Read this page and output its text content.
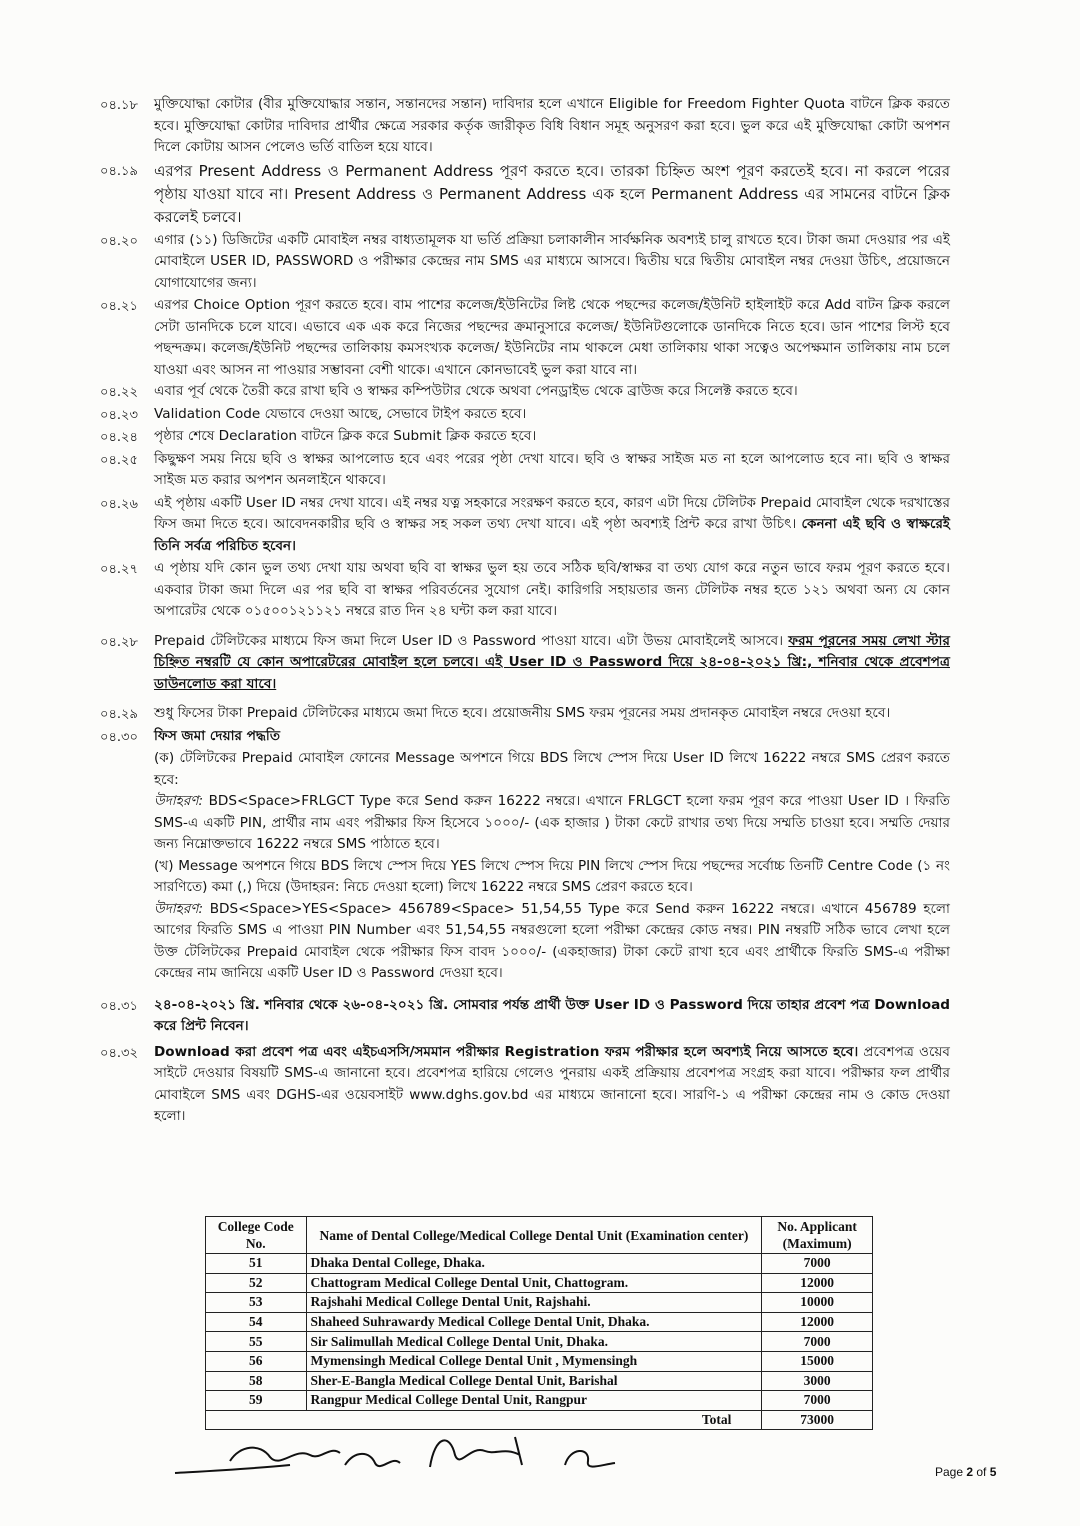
০৪.১৮	মুক্তিযোদ্ধা কোটার (বীর মুক্তিযোদ্ধার সন্তান, সন্তানদের সন্তান) দাবিদার হলে এখানে Eligible for Freedom Fighter Quota বাটনে ক্লিক করতে হবে। মুক্তিযোদ্ধা কোটার দাবিদার প্রার্থীর ক্ষেত্রে সরকার কর্তৃক জারীকৃত বিধি বিধান সমূহ অনুসরণ করা হবে। ভুল করে এই মুক্তিযোদ্ধা কোটা অপশন দিলে কোটায় আসন পেলেও ভর্তি বাতিল হয়ে যাবে।
০৪.১৯	এরপর Present Address ও Permanent Address পূরণ করতে হবে। তারকা চিহ্নিত অংশ পূরণ করতেই হবে। না করলে পরের পৃষ্ঠায় যাওয়া যাবে না। Present Address ও Permanent Address এক হলে Permanent Address এর সামনের বাটনে ক্লিক করলেই চলবে।
০৪.২০	এগার (১১) ডিজিটের একটি মোবাইল নম্বর বাধ্যতামূলক যা ভর্তি প্রক্রিয়া চলাকালীন সার্বক্ষনিক অবশ্যই চালু রাখতে হবে। টাকা জমা দেওয়ার পর এই মোবাইলে USER ID, PASSWORD ও পরীক্ষার কেন্দ্রের নাম SMS এর মাধ্যমে আসবে। দ্বিতীয় ঘরে দ্বিতীয় মোবাইল নম্বর দেওয়া উচিৎ, প্রয়োজনে যোগাযোগের জন্য।
০৪.২১	এরপর Choice Option পূরণ করতে হবে। বাম পাশের কলেজ/ইউনিটের লিষ্ট থেকে পছন্দের কলেজ/ইউনিট হাইলাইট করে Add বাটন ক্লিক করলে সেটা ডানদিকে চলে যাবে। এভাবে এক এক করে নিজের পছন্দের ক্রমানুসারে কলেজ/ ইউনিটগুলোকে ডানদিকে নিতে হবে। ডান পাশের লিস্ট হবে পছন্দক্রম। কলেজ/ইউনিট পছন্দের তালিকায় কমসংখ্যক কলেজ/ ইউনিটের নাম থাকলে মেধা তালিকায় থাকা সত্বেও অপেক্ষমান তালিকায় নাম চলে যাওয়া এবং আসন না পাওয়ার সম্ভাবনা বেশী থাকে। এখানে কোনভাবেই ভুল করা যাবে না।
০৪.২২	এবার পূর্ব থেকে তৈরী করে রাখা ছবি ও স্বাক্ষর কম্পিউটার থেকে অথবা পেনড্রাইভ থেকে ব্রাউজ করে সিলেক্ট করতে হবে।
০৪.২৩	Validation Code যেভাবে দেওয়া আছে, সেভাবে টাইপ করতে হবে।
০৪.২৪	পৃষ্ঠার শেষে Declaration বাটনে ক্লিক করে Submit ক্লিক করতে হবে।
০৪.২৫	কিছুক্ষণ সময় নিয়ে ছবি ও স্বাক্ষর আপলোড হবে এবং পরের পৃষ্ঠা দেখা যাবে। ছবি ও স্বাক্ষর সাইজ মত না হলে আপলোড হবে না। ছবি ও স্বাক্ষর সাইজ মত করার অপশন অনলাইনে থাকবে।
০৪.২৬	এই পৃষ্ঠায় একটি User ID নম্বর দেখা যাবে। এই নম্বর যত্ন সহকারে সংরক্ষণ করতে হবে, কারণ এটা দিয়ে টেলিটক Prepaid মোবাইল থেকে দরখাস্তের ফিস জমা দিতে হবে। আবেদনকারীর ছবি ও স্বাক্ষর সহ সকল তথ্য দেখা যাবে। এই পৃষ্ঠা অবশ্যই প্রিন্ট করে রাখা উচিৎ। কেননা এই ছবি ও স্বাক্ষরেই তিনি সর্বত্র পরিচিত হবেন।
০৪.২৭	এ পৃষ্ঠায় যদি কোন ভুল তথ্য দেখা যায় অথবা ছবি বা স্বাক্ষর ভুল হয় তবে সঠিক ছবি/স্বাক্ষর বা তথ্য যোগ করে নতুন ভাবে ফরম পূরণ করতে হবে। একবার টাকা জমা দিলে এর পর ছবি বা স্বাক্ষর পরিবর্তনের সুযোগ নেই। কারিগরি সহায়তার জন্য টেলিটক নম্বর হতে ১২১ অথবা অন্য যে কোন অপারেটর থেকে ০১৫০০১২১১২১ নম্বরে রাত দিন ২৪ ঘন্টা কল করা যাবে।
০৪.২৮	Prepaid টেলিটকের মাধ্যমে ফিস জমা দিলে User ID ও Password পাওয়া যাবে। এটা উভয় মোবাইলেই আসবে। ফরম পূরনের সময় লেখা স্টার চিহ্নিত নম্বরটি যে কোন অপারেটরের মোবাইল হলে চলবে। এই User ID ও Password দিয়ে ২৪-০৪-২০২১ খ্রি:, শনিবার থেকে প্রবেশপত্র ডাউনলোড করা যাবে।
০৪.২৯	শুধু ফিসের টাকা Prepaid টেলিটকের মাধ্যমে জমা দিতে হবে। প্রয়োজনীয় SMS ফরম পূরনের সময় প্রদানকৃত মোবাইল নম্বরে দেওয়া হবে।
০৪.৩০	ফিস জমা দেয়ার পদ্ধতি
(ক) টেলিটকের Prepaid মোবাইল ফোনের Message অপশনে গিয়ে BDS লিখে স্পেস দিয়ে User ID লিখে 16222 নম্বরে SMS প্রেরণ করতে হবে:
উদাহরণ: BDS<Space>FRLGCT Type করে Send করুন 16222 নম্বরে। এখানে FRLGCT হলো ফরম পূরণ করে পাওয়া User ID । ফিরতি SMS-এ একটি PIN, প্রার্থীর নাম এবং পরীক্ষার ফিস হিসেবে ১০০০/- (এক হাজার ) টাকা কেটে রাখার তথ্য দিয়ে সম্মতি চাওয়া হবে। সম্মতি দেয়ার জন্য নিম্নোক্তভাবে 16222 নম্বরে SMS পাঠাতে হবে।
(খ) Message অপশনে গিয়ে BDS লিখে স্পেস দিয়ে YES লিখে স্পেস দিয়ে PIN লিখে স্পেস দিয়ে পছন্দের সর্বোচ্চ তিনটি Centre Code (১ নং সারণিতে) কমা (,) দিয়ে (উদাহরন: নিচে দেওয়া হলো) লিখে 16222 নম্বরে SMS প্রেরণ করতে হবে।
উদাহরণ: BDS<Space>YES<Space> 456789<Space> 51,54,55 Type করে Send করুন 16222 নম্বরে। এখানে 456789 হলো আগের ফিরতি SMS এ পাওয়া PIN Number এবং 51,54,55 নম্বরগুলো হলো পরীক্ষা কেন্দ্রের কোড নম্বর। PIN নম্বরটি সঠিক ভাবে লেখা হলে উক্ত টেলিটকের Prepaid মোবাইল থেকে পরীক্ষার ফিস বাবদ ১০০০/- (একহাজার) টাকা কেটে রাখা হবে এবং প্রার্থীকে ফিরতি SMS-এ পরীক্ষা কেন্দ্রের নাম জানিয়ে একটি User ID ও Password দেওয়া হবে।
০৪.৩১	২৪-০৪-২০২১ খ্রি. শনিবার থেকে ২৬-০৪-২০২১ খ্রি. সোমবার পর্যন্ত প্রার্থী উক্ত User ID ও Password দিয়ে তাহার প্রবেশ পত্র Download করে প্রিন্ট নিবেন।
০৪.৩২	Download করা প্রবেশ পত্র এবং এইচএসসি/সমমান পরীক্ষার Registration ফরম পরীক্ষার হলে অবশ্যই নিয়ে আসতে হবে। প্রবেশপত্র ওয়েব সাইটে দেওয়ার বিষয়টি SMS-এ জানানো হবে। প্রবেশপত্র হারিয়ে গেলেও পুনরায় একই প্রক্রিয়ায় প্রবেশপত্র সংগ্রহ করা যাবে। পরীক্ষার ফল প্রার্থীর মোবাইলে SMS এবং DGHS-এর ওয়েবসাইট www.dghs.gov.bd এর মাধ্যমে জানানো হবে। সারণি-১ এ পরীক্ষা কেন্দ্রের নাম ও কোড দেওয়া হলো।
College Code No.	Name of Dental College/Medical College Dental Unit (Examination center)	No. Applicant (Maximum)
51	Dhaka Dental College, Dhaka.	7000
52	Chattogram Medical College Dental Unit, Chattogram.	12000
53	Rajshahi Medical College Dental Unit, Rajshahi.	10000
54	Shaheed Suhrawardy Medical College Dental Unit, Dhaka.	12000
55	Sir Salimullah Medical College Dental Unit, Dhaka.	7000
56	Mymensingh Medical College Dental Unit , Mymensingh	15000
58	Sher-E-Bangla Medical College Dental Unit, Barishal	3000
59	Rangpur Medical College Dental Unit, Rangpur	7000
Total		73000
Page 2 of 5
